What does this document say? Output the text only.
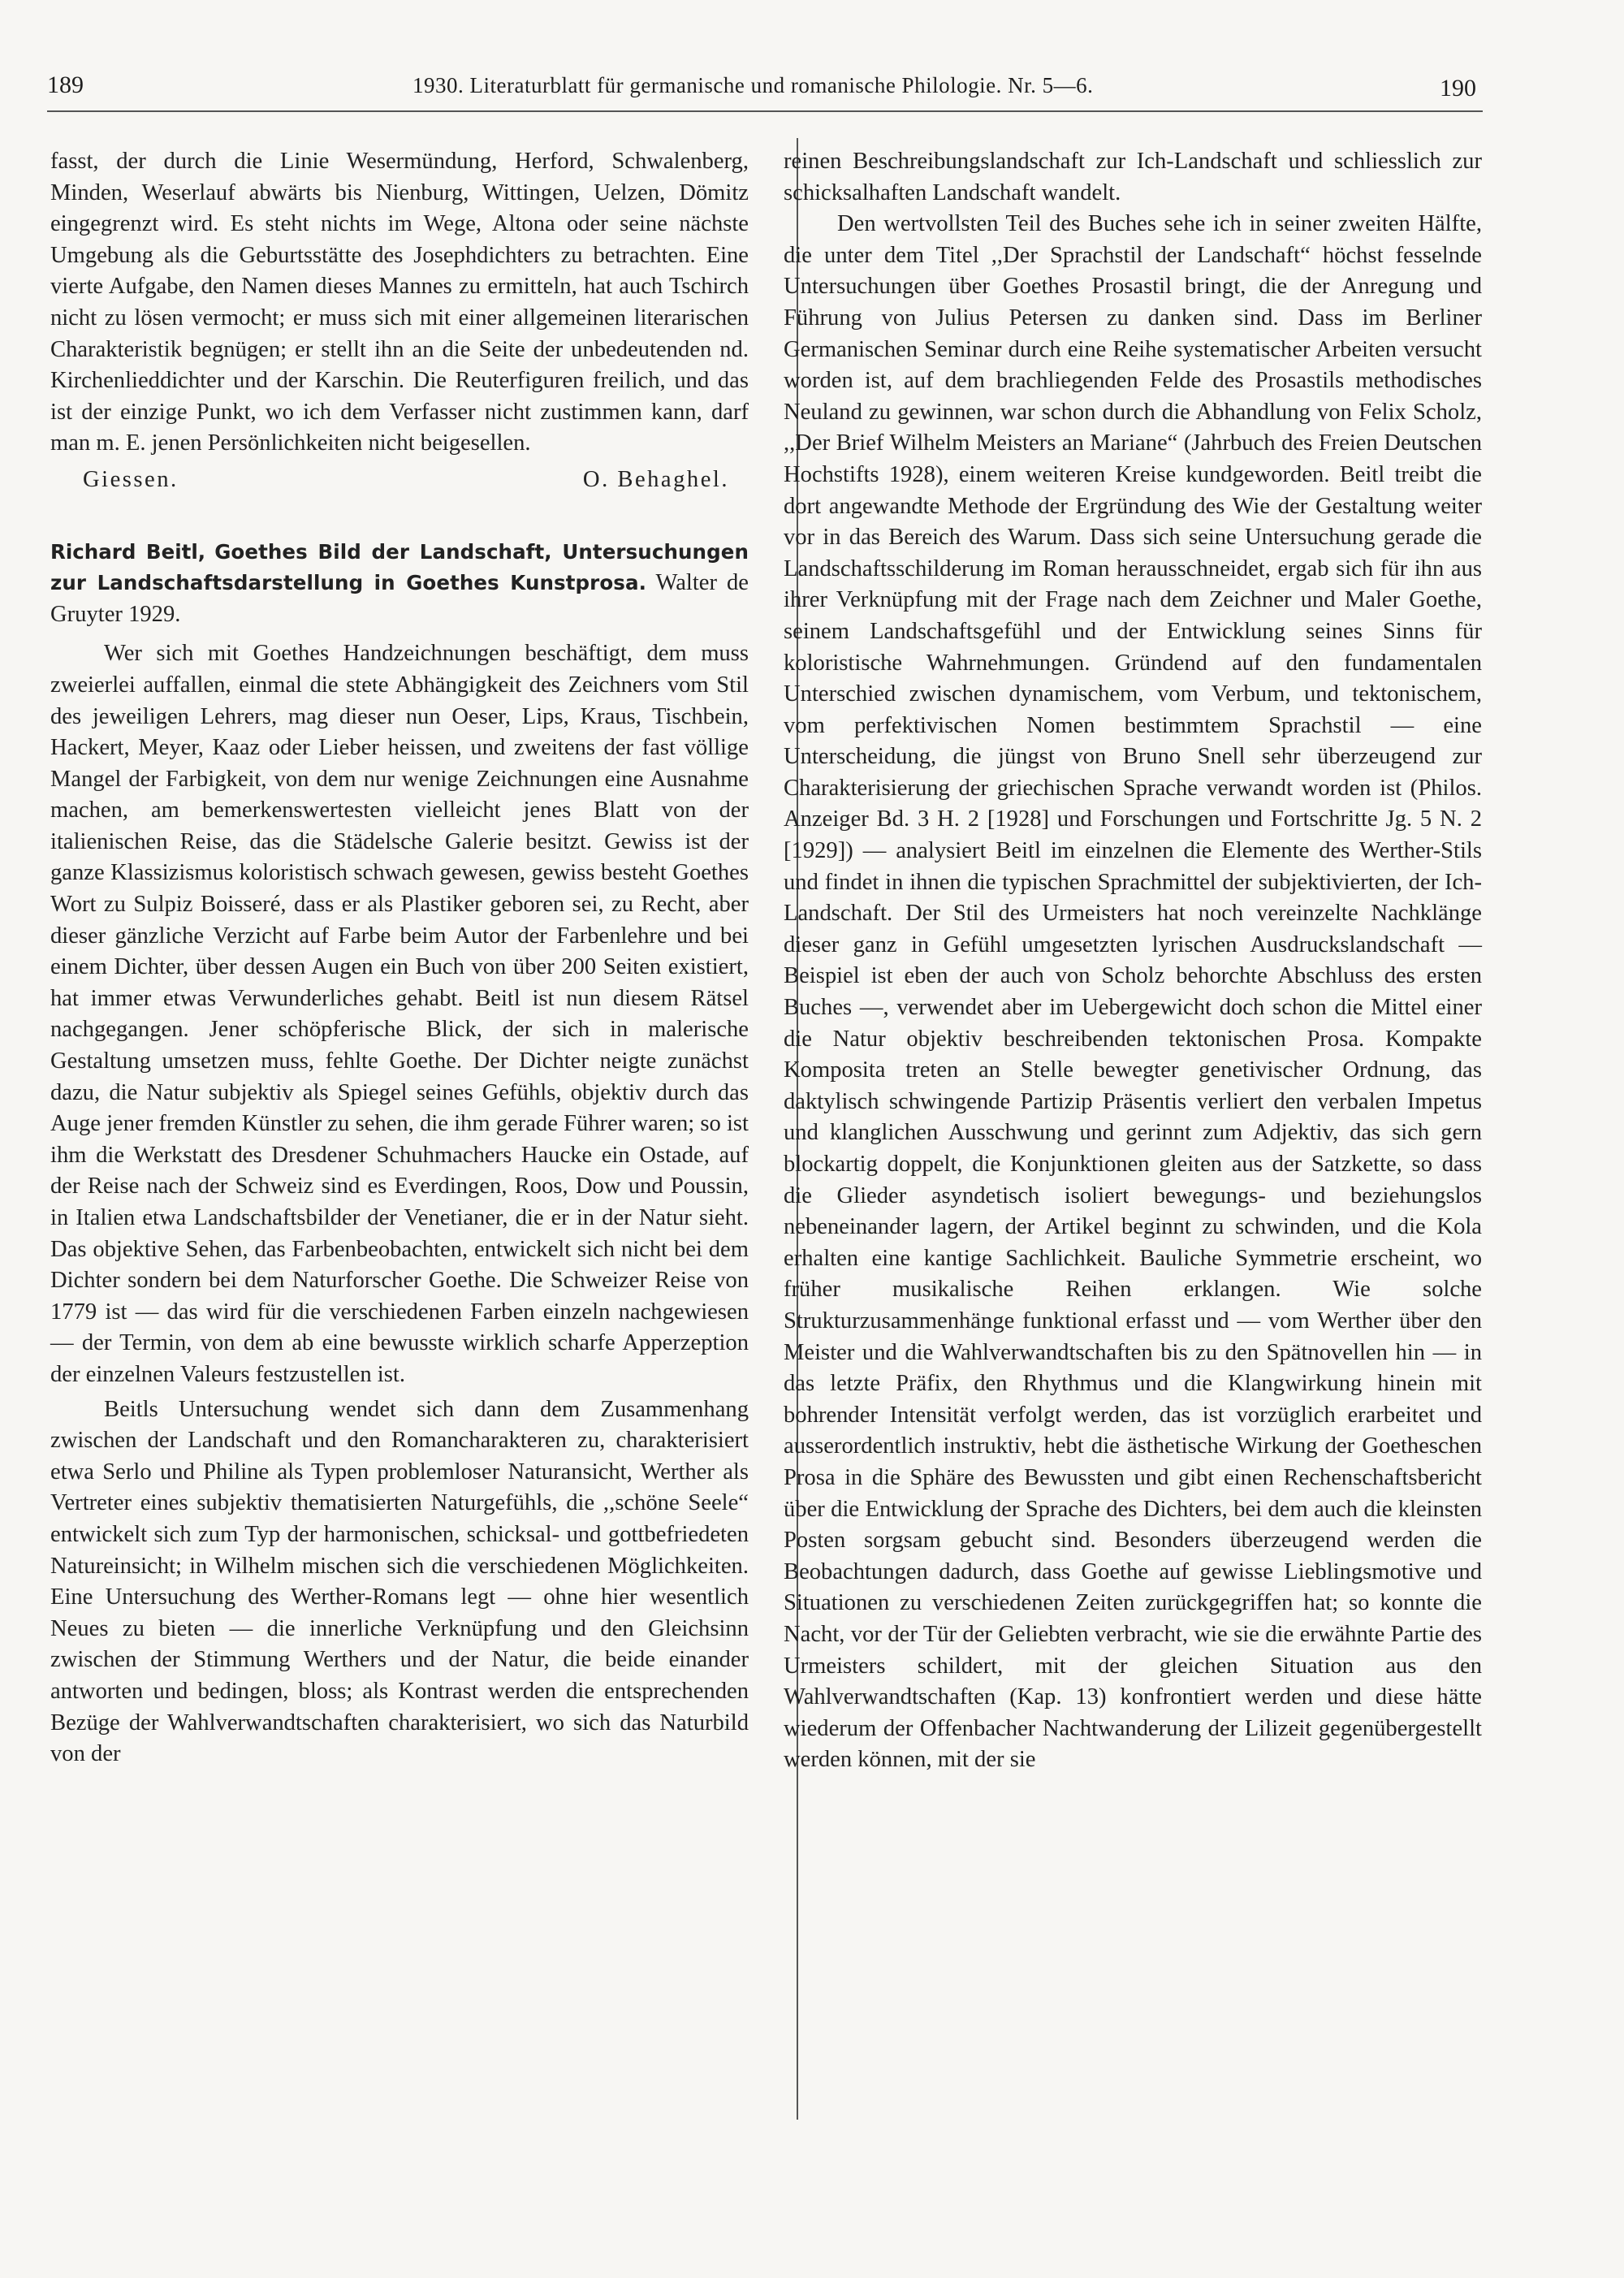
189	1930. Literaturblatt für germanische und romanische Philologie. Nr. 5—6.	190

fasst, der durch die Linie Wesermündung, Herford, Schwalenberg, Minden, Weserlauf abwärts bis Nienburg, Wittingen, Uelzen, Dömitz eingegrenzt wird. Es steht nichts im Wege, Altona oder seine nächste Umgebung als die Geburtsstätte des Josephdichters zu betrachten. Eine vierte Aufgabe, den Namen dieses Mannes zu ermitteln, hat auch Tschirch nicht zu lösen vermocht; er muss sich mit einer allgemeinen literarischen Charakteristik begnügen; er stellt ihn an die Seite der unbedeutenden nd. Kirchenlieddichter und der Karschin. Die Reuterfiguren freilich, und das ist der einzige Punkt, wo ich dem Verfasser nicht zustimmen kann, darf man m. E. jenen Persönlichkeiten nicht beigesellen.

Giessen.	O. Behaghel.

Richard Beitl, Goethes Bild der Landschaft, Untersuchungen zur Landschaftsdarstellung in Goethes Kunstprosa. Walter de Gruyter 1929.

Wer sich mit Goethes Handzeichnungen beschäftigt, dem muss zweierlei auffallen, einmal die stete Abhängigkeit des Zeichners vom Stil des jeweiligen Lehrers, mag dieser nun Oeser, Lips, Kraus, Tischbein, Hackert, Meyer, Kaaz oder Lieber heissen, und zweitens der fast völlige Mangel der Farbigkeit, von dem nur wenige Zeichnungen eine Ausnahme machen, am bemerkenswertesten vielleicht jenes Blatt von der italienischen Reise, das die Städelsche Galerie besitzt. Gewiss ist der ganze Klassizismus koloristisch schwach gewesen, gewiss besteht Goethes Wort zu Sulpiz Boisseré, dass er als Plastiker geboren sei, zu Recht, aber dieser gänzliche Verzicht auf Farbe beim Autor der Farbenlehre und bei einem Dichter, über dessen Augen ein Buch von über 200 Seiten existiert, hat immer etwas Verwunderliches gehabt. Beitl ist nun diesem Rätsel nachgegangen. Jener schöpferische Blick, der sich in malerische Gestaltung umsetzen muss, fehlte Goethe. Der Dichter neigte zunächst dazu, die Natur subjektiv als Spiegel seines Gefühls, objektiv durch das Auge jener fremden Künstler zu sehen, die ihm gerade Führer waren; so ist ihm die Werkstatt des Dresdener Schuhmachers Haucke ein Ostade, auf der Reise nach der Schweiz sind es Everdingen, Roos, Dow und Poussin, in Italien etwa Landschaftsbilder der Venetianer, die er in der Natur sieht. Das objektive Sehen, das Farbenbeobachten, entwickelt sich nicht bei dem Dichter sondern bei dem Naturforscher Goethe. Die Schweizer Reise von 1779 ist — das wird für die verschiedenen Farben einzeln nachgewiesen — der Termin, von dem ab eine bewusste wirklich scharfe Apperzeption der einzelnen Valeurs festzustellen ist.

Beitls Untersuchung wendet sich dann dem Zusammenhang zwischen der Landschaft und den Romancharakteren zu, charakterisiert etwa Serlo und Philine als Typen problemloser Naturansicht, Werther als Vertreter eines subjektiv thematisierten Naturgefühls, die ,,schöne Seele“ entwickelt sich zum Typ der harmonischen, schicksal- und gottbefriedeten Natureinsicht; in Wilhelm mischen sich die verschiedenen Möglichkeiten. Eine Untersuchung des Werther-Romans legt — ohne hier wesentlich Neues zu bieten — die innerliche Verknüpfung und den Gleichsinn zwischen der Stimmung Werthers und der Natur, die beide einander antworten und bedingen, bloss; als Kontrast werden die entsprechenden Bezüge der Wahlverwandtschaften charakterisiert, wo sich das Naturbild von der

reinen Beschreibungslandschaft zur Ich-Landschaft und schliesslich zur schicksalhaften Landschaft wandelt.

Den wertvollsten Teil des Buches sehe ich in seiner zweiten Hälfte, die unter dem Titel ,,Der Sprachstil der Landschaft“ höchst fesselnde Untersuchungen über Goethes Prosastil bringt, die der Anregung und Führung von Julius Petersen zu danken sind. Dass im Berliner Germanischen Seminar durch eine Reihe systematischer Arbeiten versucht worden ist, auf dem brachliegenden Felde des Prosastils methodisches Neuland zu gewinnen, war schon durch die Abhandlung von Felix Scholz, ,,Der Brief Wilhelm Meisters an Mariane“ (Jahrbuch des Freien Deutschen Hochstifts 1928), einem weiteren Kreise kundgeworden. Beitl treibt die dort angewandte Methode der Ergründung des Wie der Gestaltung weiter vor in das Bereich des Warum. Dass sich seine Untersuchung gerade die Landschaftsschilderung im Roman herausschneidet, ergab sich für ihn aus ihrer Verknüpfung mit der Frage nach dem Zeichner und Maler Goethe, seinem Landschaftsgefühl und der Entwicklung seines Sinns für koloristische Wahrnehmungen. Gründend auf den fundamentalen Unterschied zwischen dynamischem, vom Verbum, und tektonischem, vom perfektivischen Nomen bestimmtem Sprachstil — eine Unterscheidung, die jüngst von Bruno Snell sehr überzeugend zur Charakterisierung der griechischen Sprache verwandt worden ist (Philos. Anzeiger Bd. 3 H. 2 [1928] und Forschungen und Fortschritte Jg. 5 N. 2 [1929]) — analysiert Beitl im einzelnen die Elemente des Werther-Stils und findet in ihnen die typischen Sprachmittel der subjektivierten, der Ich-Landschaft. Der Stil des Urmeisters hat noch vereinzelte Nachklänge dieser ganz in Gefühl umgesetzten lyrischen Ausdruckslandschaft — Beispiel ist eben der auch von Scholz behorchte Abschluss des ersten Buches —, verwendet aber im Uebergewicht doch schon die Mittel einer die Natur objektiv beschreibenden tektonischen Prosa. Kompakte Komposita treten an Stelle bewegter genetivischer Ordnung, das daktylisch schwingende Partizip Präsentis verliert den verbalen Impetus und klanglichen Ausschwung und gerinnt zum Adjektiv, das sich gern blockartig doppelt, die Konjunktionen gleiten aus der Satzkette, so dass die Glieder asyndetisch isoliert bewegungs- und beziehungslos nebeneinander lagern, der Artikel beginnt zu schwinden, und die Kola erhalten eine kantige Sachlichkeit. Bauliche Symmetrie erscheint, wo früher musikalische Reihen erklangen. Wie solche Strukturzusammenhänge funktional erfasst und — vom Werther über den Meister und die Wahlverwandtschaften bis zu den Spätnovellen hin — in das letzte Präfix, den Rhythmus und die Klangwirkung hinein mit bohrender Intensität verfolgt werden, das ist vorzüglich erarbeitet und ausserordentlich instruktiv, hebt die ästhetische Wirkung der Goetheschen Prosa in die Sphäre des Bewussten und gibt einen Rechenschaftsbericht über die Entwicklung der Sprache des Dichters, bei dem auch die kleinsten Posten sorgsam gebucht sind. Besonders überzeugend werden die Beobachtungen dadurch, dass Goethe auf gewisse Lieblingsmotive und Situationen zu verschiedenen Zeiten zurückgegriffen hat; so konnte die Nacht, vor der Tür der Geliebten verbracht, wie sie die erwähnte Partie des Urmeisters schildert, mit der gleichen Situation aus den Wahlverwandtschaften (Kap. 13) konfrontiert werden und diese hätte wiederum der Offenbacher Nachtwanderung der Lilizeit gegenübergestellt werden können, mit der sie
